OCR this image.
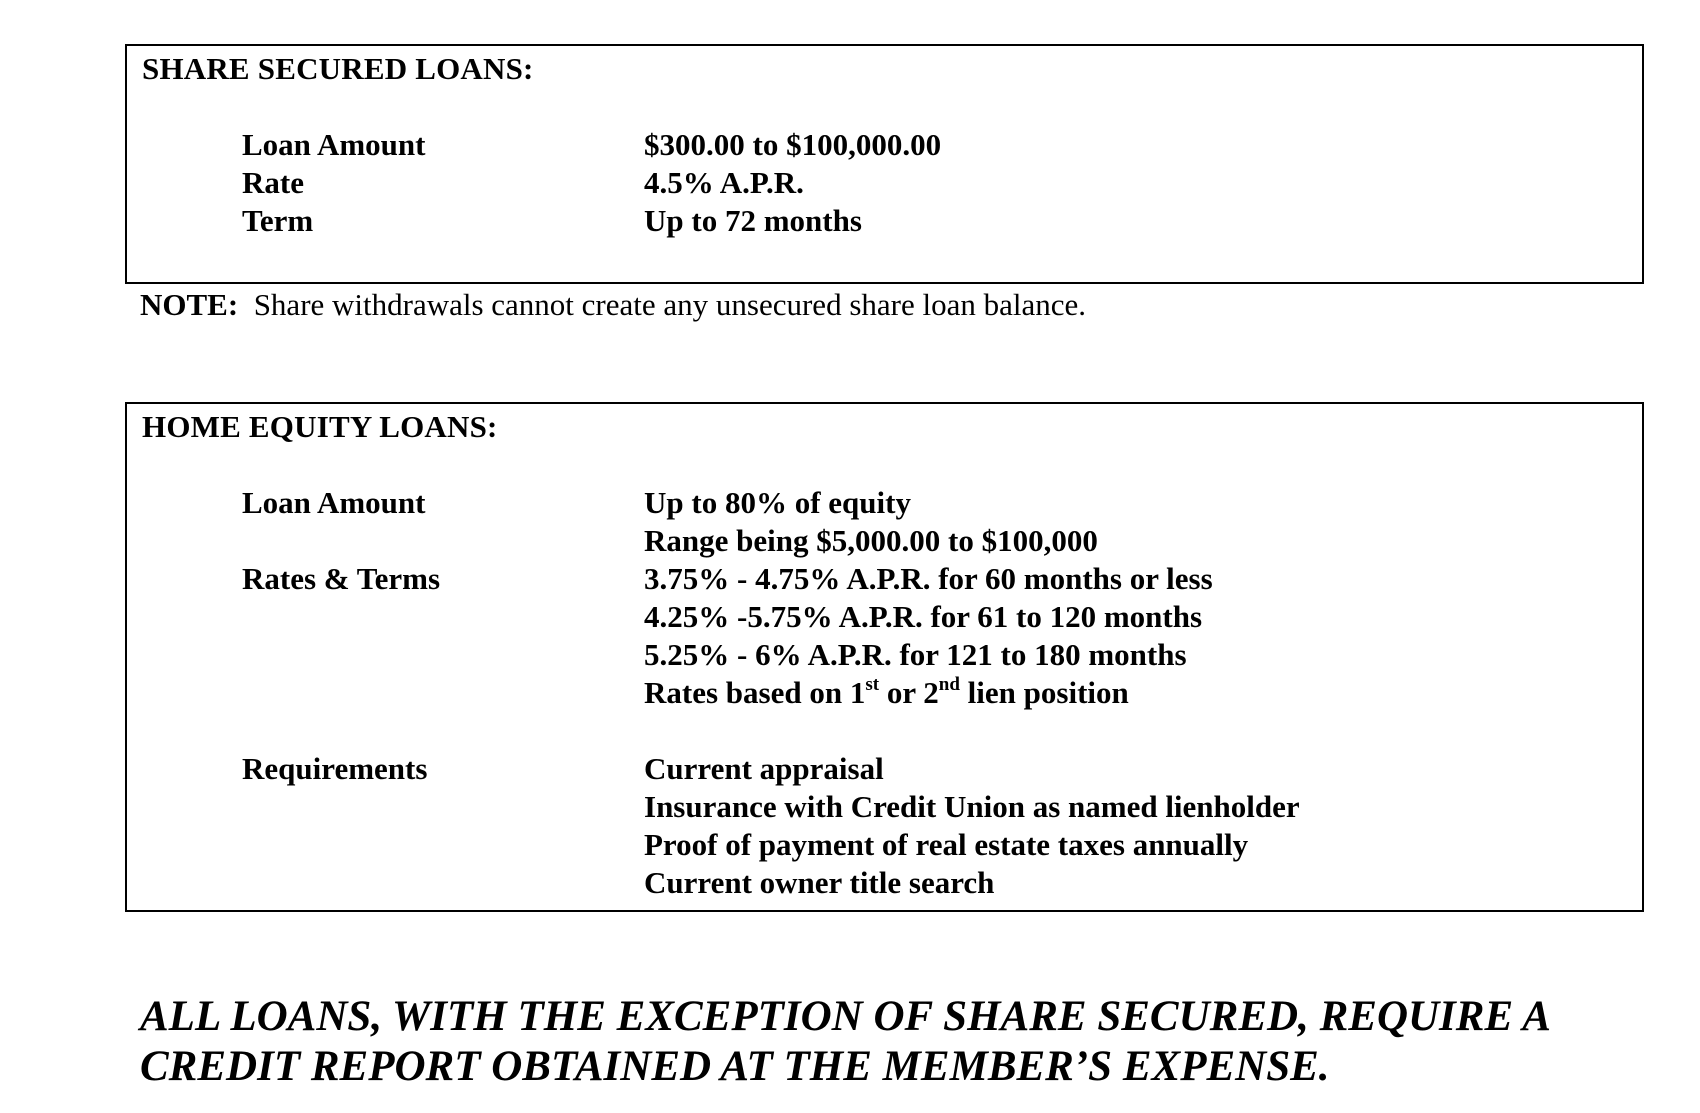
SHARE SECURED LOANS:
Loan Amount	$300.00 to $100,000.00
Rate	4.5% A.P.R.
Term	Up to 72 months
NOTE: Share withdrawals cannot create any unsecured share loan balance.
HOME EQUITY LOANS:
Loan Amount	Up to 80% of equity
Range being $5,000.00 to $100,000
Rates & Terms	3.75% - 4.75% A.P.R. for 60 months or less
4.25% -5.75% A.P.R. for 61 to 120 months
5.25% - 6% A.P.R. for 121 to 180 months
Rates based on 1st or 2nd lien position
Requirements	Current appraisal
Insurance with Credit Union as named lienholder
Proof of payment of real estate taxes annually
Current owner title search
ALL LOANS, WITH THE EXCEPTION OF SHARE SECURED, REQUIRE A
CREDIT REPORT OBTAINED AT THE MEMBER’S EXPENSE.
